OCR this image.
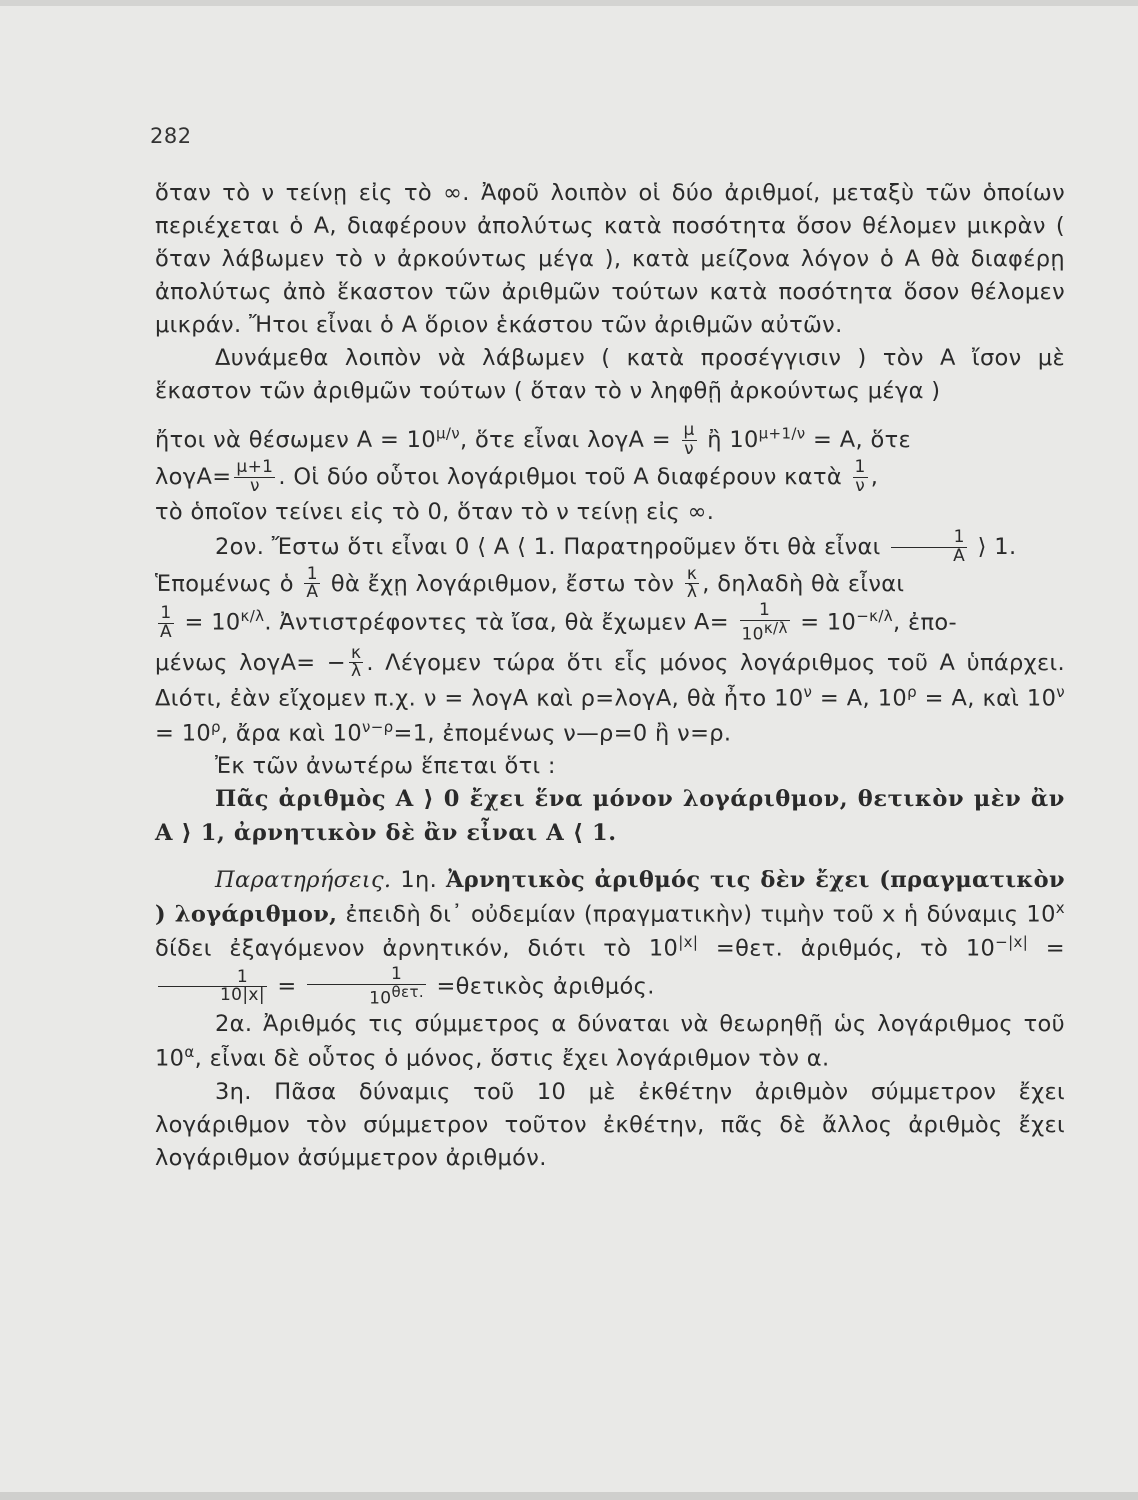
282

ὅταν τὸ ν τείνῃ εἰς τὸ ∞. Ἀφοῦ λοιπὸν οἱ δύο ἀριθμοί, μεταξὺ τῶν ὁποίων περιέχεται ὁ Α, διαφέρουν ἀπολύτως κατὰ ποσότητα ὅσον θέλομεν μικρὰν ( ὅταν λάβωμεν τὸ ν ἀρκούντως μέγα ), κατὰ μείζονα λόγον ὁ Α θὰ διαφέρῃ ἀπολύτως ἀπὸ ἕκαστον τῶν ἀριθμῶν τούτων κατὰ ποσότητα ὅσον θέλομεν μικράν. Ἤτοι εἶναι ὁ Α ὅριον ἑκάστου τῶν ἀριθμῶν αὐτῶν.

Δυνάμεθα λοιπὸν νὰ λάβωμεν ( κατὰ προσέγγισιν ) τὸν Α ἴσον μὲ ἕκαστον τῶν ἀριθμῶν τούτων ( ὅταν τὸ ν ληφθῇ ἀρκούντως μέγα )

ἤτοι νὰ θέσωμεν $A = 10^{\mu/\nu}$, ὅτε εἶναι $\lambda o\gamma A = \frac{\mu}{\nu}$ ἢ $10^{\mu+1/\nu} = A$, ὅτε

$\lambda o\gamma A= \frac{\mu+1}{\nu}$ . Οἱ δύο οὗτοι λογάριθμοι τοῦ Α διαφέρουν κατὰ $\frac{1}{\nu}$ ,

τὸ ὁποῖον τείνει εἰς τὸ 0, ὅταν τὸ ν τείνῃ εἰς ∞.

2ον. Ἔστω ὅτι εἶναι 0 ⟨ Α ⟨ 1. Παρατηροῦμεν ὅτι θὰ εἶναι $\frac{1}{A}$ ⟩ 1.

Ἑπομένως ὁ $\frac{1}{A}$ θὰ ἔχῃ λογάριθμον, ἔστω τὸν $\frac{\kappa}{\lambda}$ , δηλαδὴ θὰ εἶναι

$\frac{1}{A} = 10^{\kappa/\lambda}$. Ἀντιστρέφοντες τὰ ἴσα, θὰ ἔχωμεν $A= \frac{1}{10^{\kappa/\lambda}} = 10^{-\kappa/\lambda}$, ἐπο-

μένως $\lambda o\gamma A= - \frac{\kappa}{\lambda}$ . Λέγομεν τώρα ὅτι εἷς μόνος λογάριθμος τοῦ Α ὑπάρχει. Διότι, ἐὰν εἴχομεν π.χ. ν = λογΑ καὶ ρ=λογΑ, θὰ ἦτο $10^\nu = A$, $10^\rho = A$, καὶ $10^\nu = 10^\rho$, ἄρα καὶ $10^{\nu-\rho}=1$, ἐπομένως ν—ρ=0 ἢ ν=ρ.

Ἐκ τῶν ἀνωτέρω ἕπεται ὅτι :

Πᾶς ἀριθμὸς Α ⟩ 0 ἔχει ἕνα μόνον λογάριθμον, θετικὸν μὲν ἂν Α ⟩ 1, ἀρνητικὸν δὲ ἂν εἶναι Α ⟨ 1.

Παρατηρήσεις. 1η. Ἀρνητικὸς ἀριθμός τις δὲν ἔχει (πραγματικὸν ) λογάριθμον, ἐπειδὴ δι᾽ οὐδεμίαν (πραγματικὴν) τιμὴν τοῦ x ἡ δύναμις 10$^x$ δίδει ἐξαγόμενον ἀρνητικόν, διότι τὸ $10^{|x|} =\theta\varepsilon\tau$. ἀριθμός, τὸ $10^{-|x|}$ =
$\frac{1}{10|x|} = \frac{1}{10^{\theta\varepsilon\tau.}}$ =θετικὸς ἀριθμός.

2α. Ἀριθμός τις σύμμετρος α δύναται νὰ θεωρηθῇ ὡς λογάριθμος τοῦ $10^\alpha$, εἶναι δὲ οὗτος ὁ μόνος, ὅστις ἔχει λογάριθμον τὸν α.

3η. Πᾶσα δύναμις τοῦ 10 μὲ ἐκθέτην ἀριθμὸν σύμμετρον ἔχει λογάριθμον τὸν σύμμετρον τοῦτον ἐκθέτην, πᾶς δὲ ἄλλος ἀριθμὸς ἔχει λογάριθμον ἀσύμμετρον ἀριθμόν.
